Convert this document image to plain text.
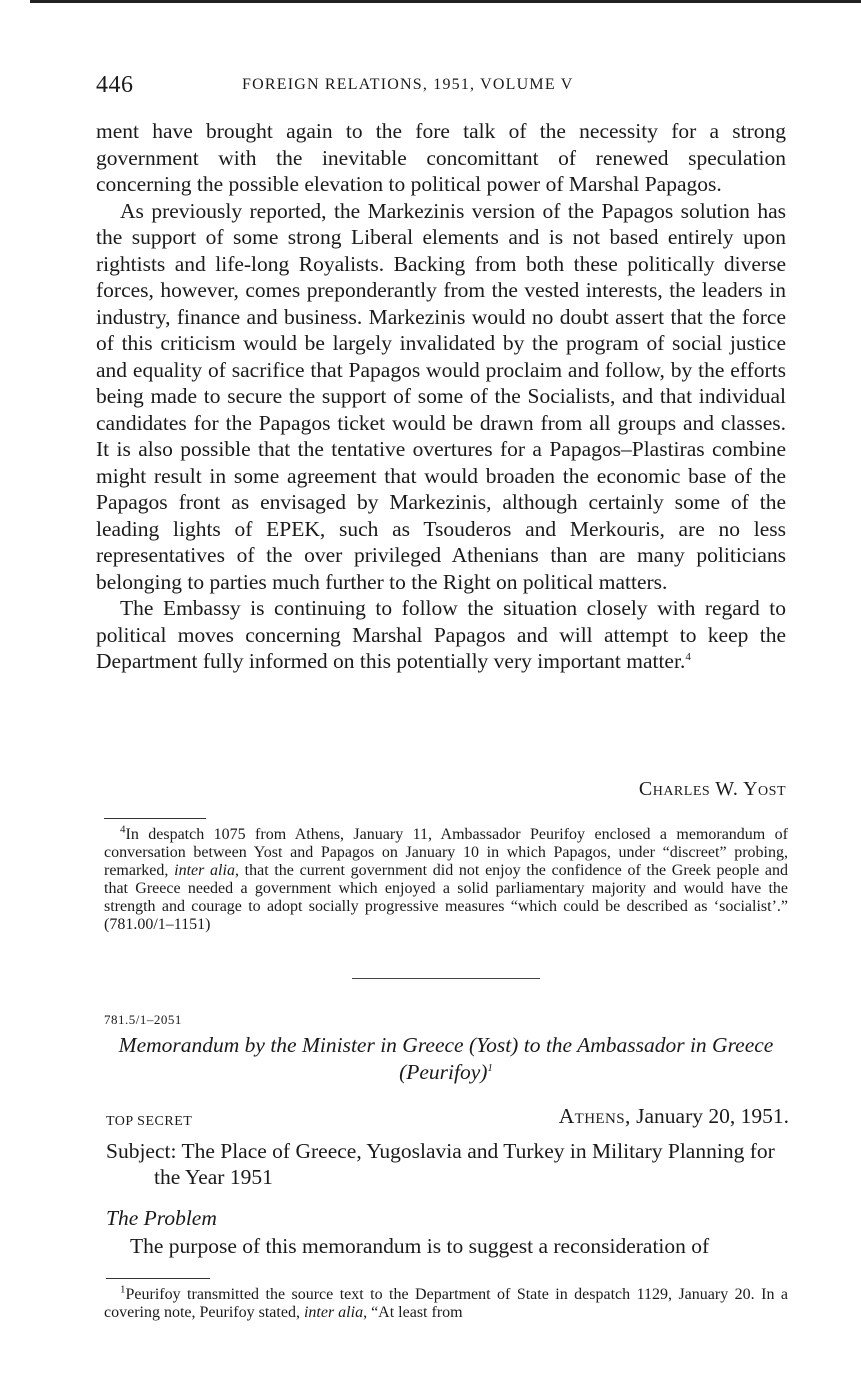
446	FOREIGN RELATIONS, 1951, VOLUME V

ment have brought again to the fore talk of the necessity for a strong government with the inevitable concomittant of renewed speculation concerning the possible elevation to political power of Marshal Papagos.

As previously reported, the Markezinis version of the Papagos solution has the support of some strong Liberal elements and is not based entirely upon rightists and life-long Royalists. Backing from both these politically diverse forces, however, comes preponderantly from the vested interests, the leaders in industry, finance and business. Markezinis would no doubt assert that the force of this criticism would be largely invalidated by the program of social justice and equality of sacrifice that Papagos would proclaim and follow, by the efforts being made to secure the support of some of the Socialists, and that individual candidates for the Papagos ticket would be drawn from all groups and classes. It is also possible that the tentative overtures for a Papagos–Plastiras combine might result in some agreement that would broaden the economic base of the Papagos front as envisaged by Markezinis, although certainly some of the leading lights of EPEK, such as Tsouderos and Merkouris, are no less representatives of the over privileged Athenians than are many politicians belonging to parties much further to the Right on political matters.

The Embassy is continuing to follow the situation closely with regard to political moves concerning Marshal Papagos and will attempt to keep the Department fully informed on this potentially very important matter.$^4$

Charles W. Yost
$^4$In despatch 1075 from Athens, January 11, Ambassador Peurifoy enclosed a memorandum of conversation between Yost and Papagos on January 10 in which Papagos, under “discreet” probing, remarked, inter alia, that the current government did not enjoy the confidence of the Greek people and that Greece needed a government which enjoyed a solid parliamentary majority and would have the strength and courage to adopt socially progressive measures “which could be described as ‘socialist’.” (781.00/1–1151)
781.5/1–2051
Memorandum by the Minister in Greece (Yost) to the Ambassador in Greece (Peurifoy)$^1$
TOP SECRET	Athens, January 20, 1951.
Subject: The Place of Greece, Yugoslavia and Turkey in Military Planning for the Year 1951
The Problem
The purpose of this memorandum is to suggest a reconsideration of
$^1$Peurifoy transmitted the source text to the Department of State in despatch 1129, January 20. In a covering note, Peurifoy stated, inter alia, “At least from
